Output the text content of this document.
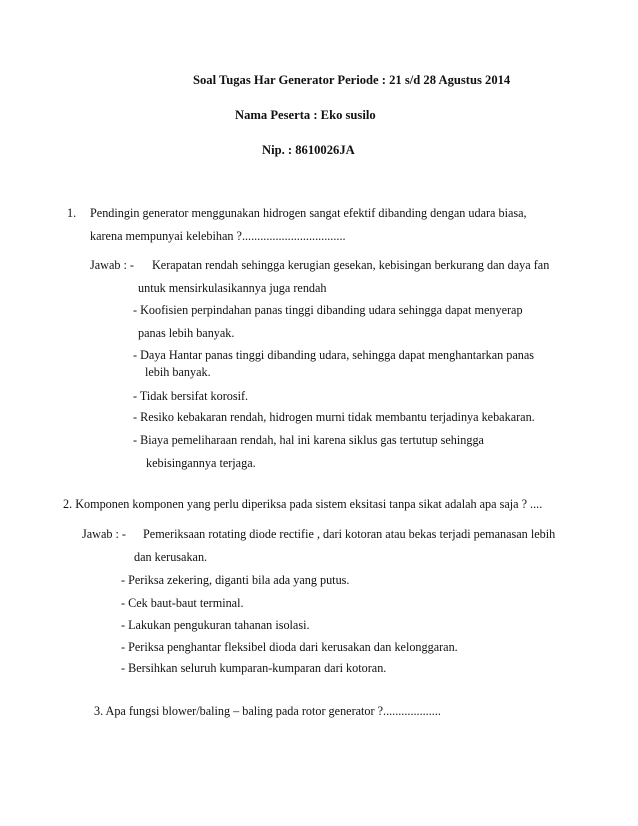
Soal Tugas Har Generator Periode : 21 s/d 28 Agustus 2014
Nama Peserta : Eko susilo
Nip. : 8610026JA
1. Pendingin generator menggunakan hidrogen sangat efektif dibanding dengan udara biasa,
karena mempunyai kelebihan ?..................................
Jawab : - Kerapatan rendah sehingga kerugian gesekan, kebisingan berkurang dan daya fan
untuk mensirkulasikannya juga rendah
- Koofisien perpindahan panas tinggi dibanding udara sehingga dapat menyerap
panas lebih banyak.
- Daya Hantar panas tinggi dibanding udara, sehingga dapat menghantarkan panas
lebih banyak.
- Tidak bersifat korosif.
- Resiko kebakaran rendah, hidrogen murni tidak membantu terjadinya kebakaran.
- Biaya pemeliharaan rendah, hal ini karena siklus gas tertutup sehingga
kebisingannya terjaga.
2. Komponen komponen yang perlu diperiksa pada sistem eksitasi tanpa sikat adalah apa saja ? ....
Jawab : - Pemeriksaan rotating diode rectifie , dari kotoran atau bekas terjadi pemanasan lebih
dan kerusakan.
- Periksa zekering, diganti bila ada yang putus.
- Cek baut-baut terminal.
- Lakukan pengukuran tahanan isolasi.
- Periksa penghantar fleksibel dioda dari kerusakan dan kelonggaran.
- Bersihkan seluruh kumparan-kumparan dari kotoran.
3. Apa fungsi blower/baling – baling pada rotor generator ?...................
